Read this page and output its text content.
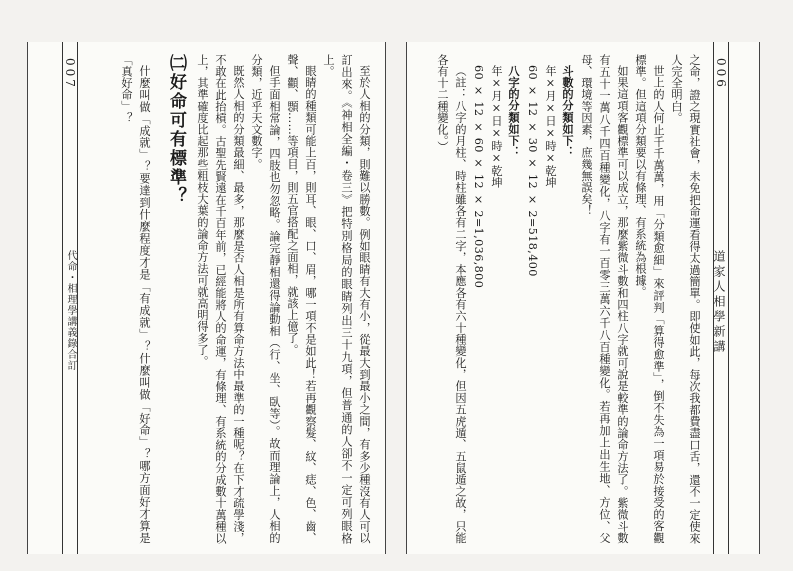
006
道家人相學新講

之命，證之現實社會，未免把命運看得太過簡單。即使如此，每次我都費盡口舌，還不一定使來人完全明白。

世上的人何止千千萬萬，用「分類愈細」來評判「算得愈準」，倒不失為一項易於接受的客觀標準。但這項分類要以有條理、有系統為根據。

如果這項客觀標準可以成立，那麼紫微斗數和四柱八字就可說是較準的論命方法了。紫微斗數有五十一萬八千四百種變化，八字有一百零三萬六千八百種變化。若再加上出生地、方位、父母、環境等因素，庶幾無誤矣！

斗數的分類如下：

年×月×日×時×乾坤

60 × 12 × 30 × 12 × 2=518,400

八字的分類如下：

年×月×日×時×乾坤

60 × 12 × 60 × 12 × 2=1,036,800

（註：八字的月柱、時柱雖各有二字，本應各有六十種變化，但因五虎遁、五鼠遁之故，只能各有十二種變化。）

007
代命・相理學講義錄合訂	至於人相的分類，則難以勝數。例如眼睛有大有小，從最大到最小之間，有多少種沒有人可以訂出來。《神相全編・卷三》把特別格局的眼睛列出三十九項，但普通的人卻不一定可列眼格上。

眼睛的種類可能上百，則耳、眼、口、眉，哪一項不是如此！若再觀察髮、紋、痣、色、齒、聲、顴、顋……等項目，則五官搭配之面相，就該上億了。

但手面相常論，四肢也勿忽略。論完靜相還得論動相（行、坐、臥等）。故而理論上，人相的分類，近乎天文數字。

既然人相的分類最細、最多，那麼是否人相是所有算命方法中最準的一種呢？在下才疏學淺，不敢在此抬槓。古聖先賢遠在千百年前，已經能將人的命運，有條理、有系統的分成數十萬種以上，其準確度比起那些粗枝大葉的論命方法可就高明得多了。

㈡好命可有標準？

什麼叫做「成就」？要達到什麼程度才是「有成就」？什麼叫做「好命」？哪方面好才算是「真好命」？
